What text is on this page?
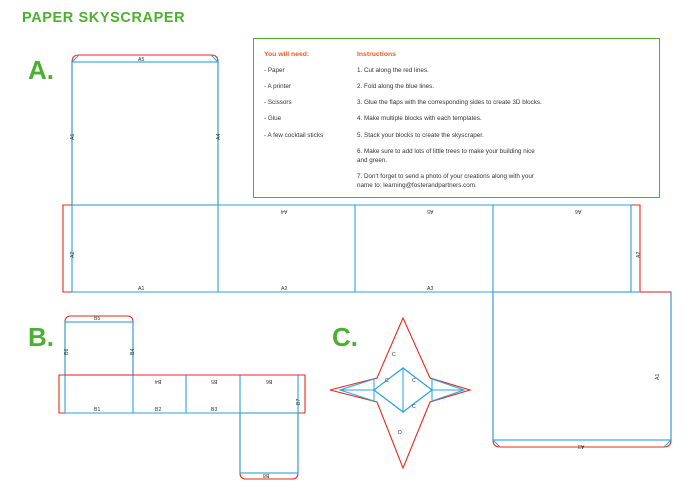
PAPER SKYSCRAPER
A.
B.	C.
You will need:
- Paper
- A printer
- Scissors
- Glue
- A few cocktail sticks
Instructions
1. Cut along the red lines.
2. Fold along the blue lines.
3. Glue the flaps with the corresponding sides to create 3D blocks.
4. Make multiple blocks with each templates.
5. Stack your blocks to create the skyscraper.
6. Make sure to add lots of little trees to make your building nice and green.
7. Don't forget to send a photo of your creations along with your name to: learning@fosterandpartners.com.
A5
A6	A4
A2
A1	A2	A3
A4	A5	A6
A2
A1
A3
B5
B6	B4
B1	B2	B3
B4	B5	B6
B7
B8
C
C
C
C
D
